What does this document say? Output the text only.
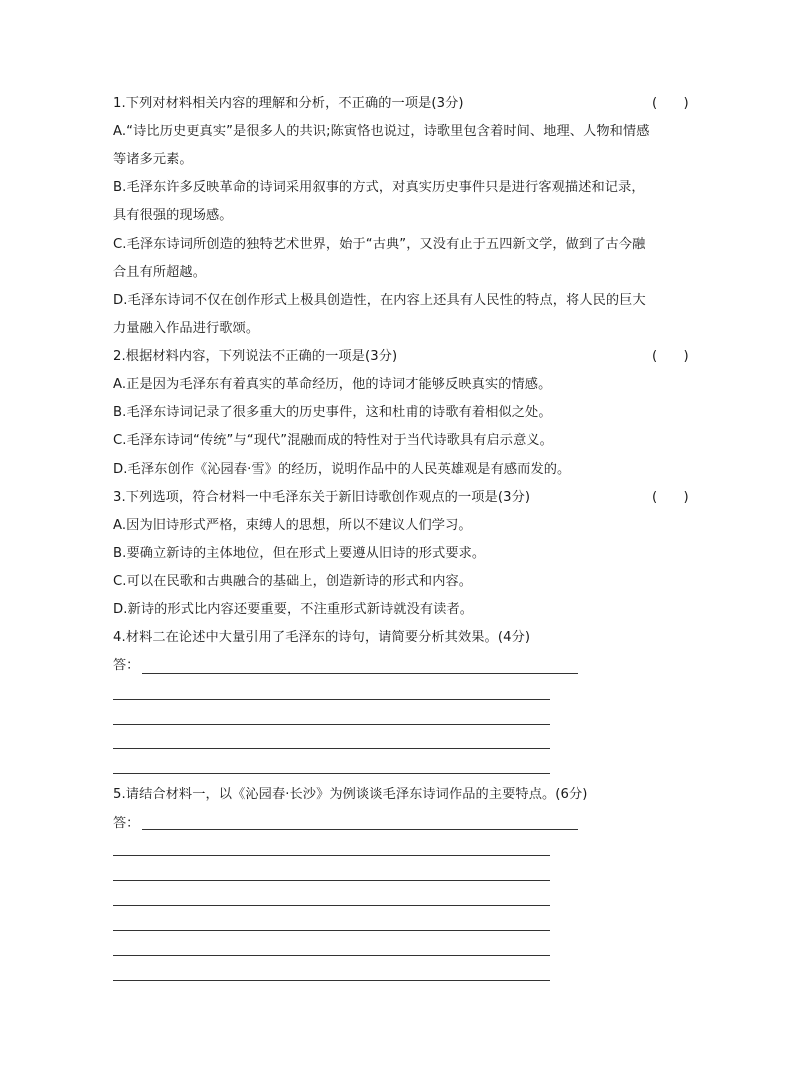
1.下列对材料相关内容的理解和分析，不正确的一项是(3分)	(　　)
A.“诗比历史更真实”是很多人的共识;陈寅恪也说过，诗歌里包含着时间、地理、人物和情感
等诸多元素。
B.毛泽东许多反映革命的诗词采用叙事的方式，对真实历史事件只是进行客观描述和记录，
具有很强的现场感。
C.毛泽东诗词所创造的独特艺术世界，始于“古典”，又没有止于五四新文学，做到了古今融
合且有所超越。
D.毛泽东诗词不仅在创作形式上极具创造性，在内容上还具有人民性的特点，将人民的巨大
力量融入作品进行歌颂。
2.根据材料内容，下列说法不正确的一项是(3分)	(　　)
A.正是因为毛泽东有着真实的革命经历，他的诗词才能够反映真实的情感。
B.毛泽东诗词记录了很多重大的历史事件，这和杜甫的诗歌有着相似之处。
C.毛泽东诗词“传统”与“现代”混融而成的特性对于当代诗歌具有启示意义。
D.毛泽东创作《沁园春·雪》的经历，说明作品中的人民英雄观是有感而发的。
3.下列选项，符合材料一中毛泽东关于新旧诗歌创作观点的一项是(3分)	(　　)
A.因为旧诗形式严格，束缚人的思想，所以不建议人们学习。
B.要确立新诗的主体地位，但在形式上要遵从旧诗的形式要求。
C.可以在民歌和古典融合的基础上，创造新诗的形式和内容。
D.新诗的形式比内容还要重要，不注重形式新诗就没有读者。
4.材料二在论述中大量引用了毛泽东的诗句，请简要分析其效果。(4分)
答：
5.请结合材料一，以《沁园春·长沙》为例谈谈毛泽东诗词作品的主要特点。(6分)
答：
